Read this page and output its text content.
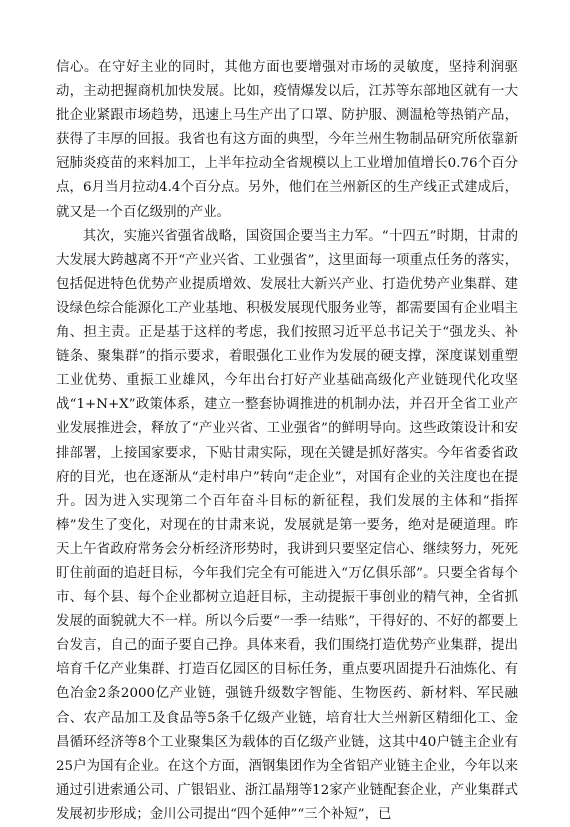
信心。在守好主业的同时，其他方面也要增强对市场的灵敏度，坚持利润驱动，主动把握商机加快发展。比如，疫情爆发以后，江苏等东部地区就有一大批企业紧跟市场趋势，迅速上马生产出了口罩、防护服、测温枪等热销产品，获得了丰厚的回报。我省也有这方面的典型，今年兰州生物制品研究所依靠新冠肺炎疫苗的来料加工，上半年拉动全省规模以上工业增加值增长0.76个百分点，6月当月拉动4.4个百分点。另外，他们在兰州新区的生产线正式建成后，就又是一个百亿级别的产业。

其次，实施兴省强省战略，国资国企要当主力军。“十四五”时期，甘肃的大发展大跨越离不开“产业兴省、工业强省”，这里面每一项重点任务的落实，包括促进特色优势产业提质增效、发展壮大新兴产业、打造优势产业集群、建设绿色综合能源化工产业基地、积极发展现代服务业等，都需要国有企业唱主角、担主责。正是基于这样的考虑，我们按照习近平总书记关于“强龙头、补链条、聚集群”的指示要求，着眼强化工业作为发展的硬支撑，深度谋划重塑工业优势、重振工业雄风，今年出台打好产业基础高级化产业链现代化攻坚战“1+N+X”政策体系，建立一整套协调推进的机制办法，并召开全省工业产业发展推进会，释放了“产业兴省、工业强省”的鲜明导向。这些政策设计和安排部署，上接国家要求，下贴甘肃实际，现在关键是抓好落实。今年省委省政府的目光，也在逐渐从“走村串户”转向“走企业”，对国有企业的关注度也在提升。因为进入实现第二个百年奋斗目标的新征程，我们发展的主体和“指挥棒”发生了变化，对现在的甘肃来说，发展就是第一要务，绝对是硬道理。昨天上午省政府常务会分析经济形势时，我讲到只要坚定信心、继续努力，死死盯住前面的追赶目标，今年我们完全有可能进入“万亿俱乐部”。只要全省每个市、每个县、每个企业都树立追赶目标，主动提振干事创业的精气神，全省抓发展的面貌就大不一样。所以今后要“一季一结账”，干得好的、不好的都要上台发言，自己的面子要自己挣。具体来看，我们围绕打造优势产业集群，提出培育千亿产业集群、打造百亿园区的目标任务，重点要巩固提升石油炼化、有色冶金2条2000亿产业链，强链升级数字智能、生物医药、新材料、军民融合、农产品加工及食品等5条千亿级产业链，培育壮大兰州新区精细化工、金昌循环经济等8个工业聚集区为载体的百亿级产业链，这其中40户链主企业有25户为国有企业。在这个方面，酒钢集团作为全省铝产业链主企业，今年以来通过引进索通公司、广银铝业、浙江晶翔等12家产业链配套企业，产业集群式发展初步形成；金川公司提出“四个延伸”“三个补短”，已
